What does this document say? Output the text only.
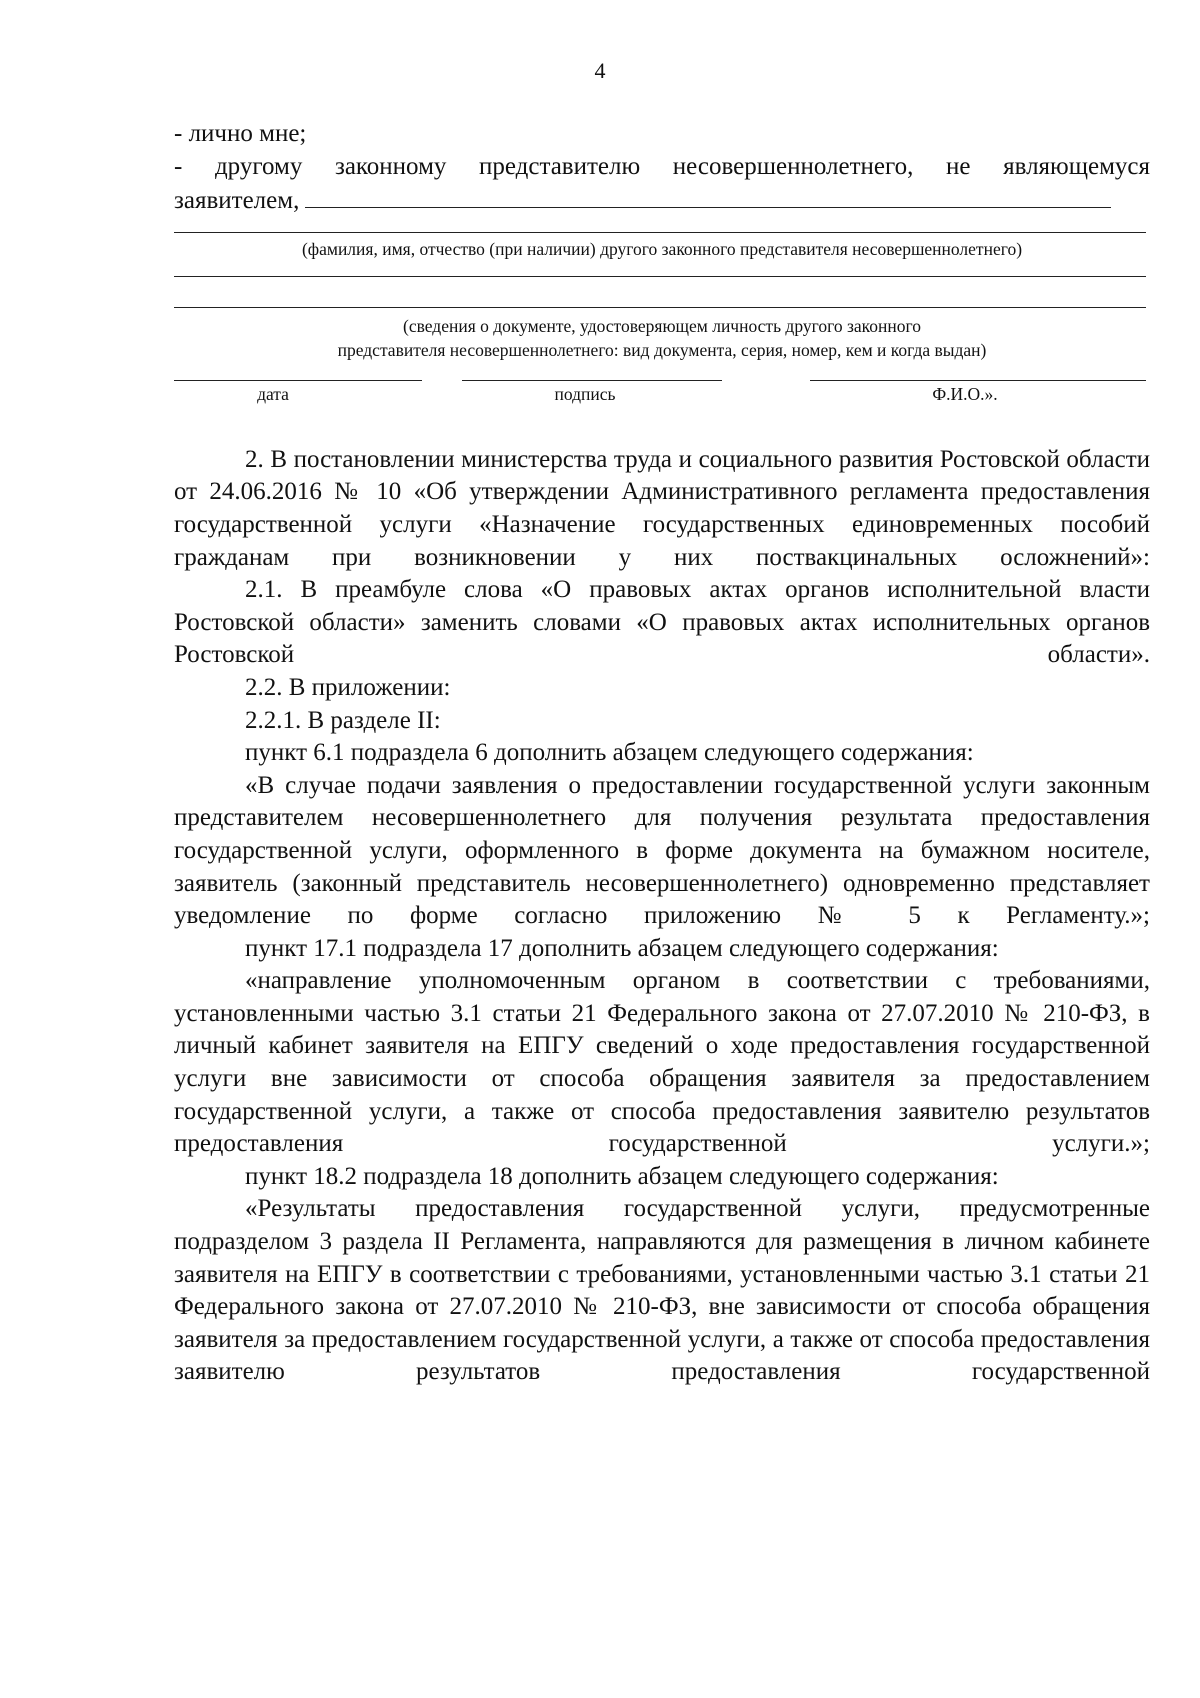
4

- лично мне;

- другому законному представителю несовершеннолетнего, не являющемуся

заявителем,

(фамилия, имя, отчество (при наличии) другого законного представителя несовершеннолетнего)

(сведения о документе, удостоверяющем личность другого законного

представителя несовершеннолетнего: вид документа, серия, номер, кем и когда выдан)

дата	подпись	Ф.И.О.».

2. В постановлении министерства труда и социального развития Ростовской области от 24.06.2016 № 10 «Об утверждении Административного регламента предоставления государственной услуги «Назначение государственных единовременных пособий гражданам при возникновении у них поствакцинальных осложнений»:

2.1. В преамбуле слова «О правовых актах органов исполнительной власти Ростовской области» заменить словами «О правовых актах исполнительных органов Ростовской области».

2.2. В приложении:

2.2.1. В разделе II:

пункт 6.1 подраздела 6 дополнить абзацем следующего содержания:

«В случае подачи заявления о предоставлении государственной услуги законным представителем несовершеннолетнего для получения результата предоставления государственной услуги, оформленного в форме документа на бумажном носителе, заявитель (законный представитель несовершеннолетнего) одновременно представляет уведомление по форме согласно приложению № 5 к Регламенту.»;

пункт 17.1 подраздела 17 дополнить абзацем следующего содержания:

«направление уполномоченным органом в соответствии с требованиями, установленными частью 3.1 статьи 21 Федерального закона от 27.07.2010 № 210-ФЗ, в личный кабинет заявителя на ЕПГУ сведений о ходе предоставления государственной услуги вне зависимости от способа обращения заявителя за предоставлением государственной услуги, а также от способа предоставления заявителю результатов предоставления государственной услуги.»;

пункт 18.2 подраздела 18 дополнить абзацем следующего содержания:

«Результаты предоставления государственной услуги, предусмотренные подразделом 3 раздела II Регламента, направляются для размещения в личном кабинете заявителя на ЕПГУ в соответствии с требованиями, установленными частью 3.1 статьи 21 Федерального закона от 27.07.2010 № 210-ФЗ, вне зависимости от способа обращения заявителя за предоставлением государственной услуги, а также от способа предоставления заявителю результатов предоставления государственной
